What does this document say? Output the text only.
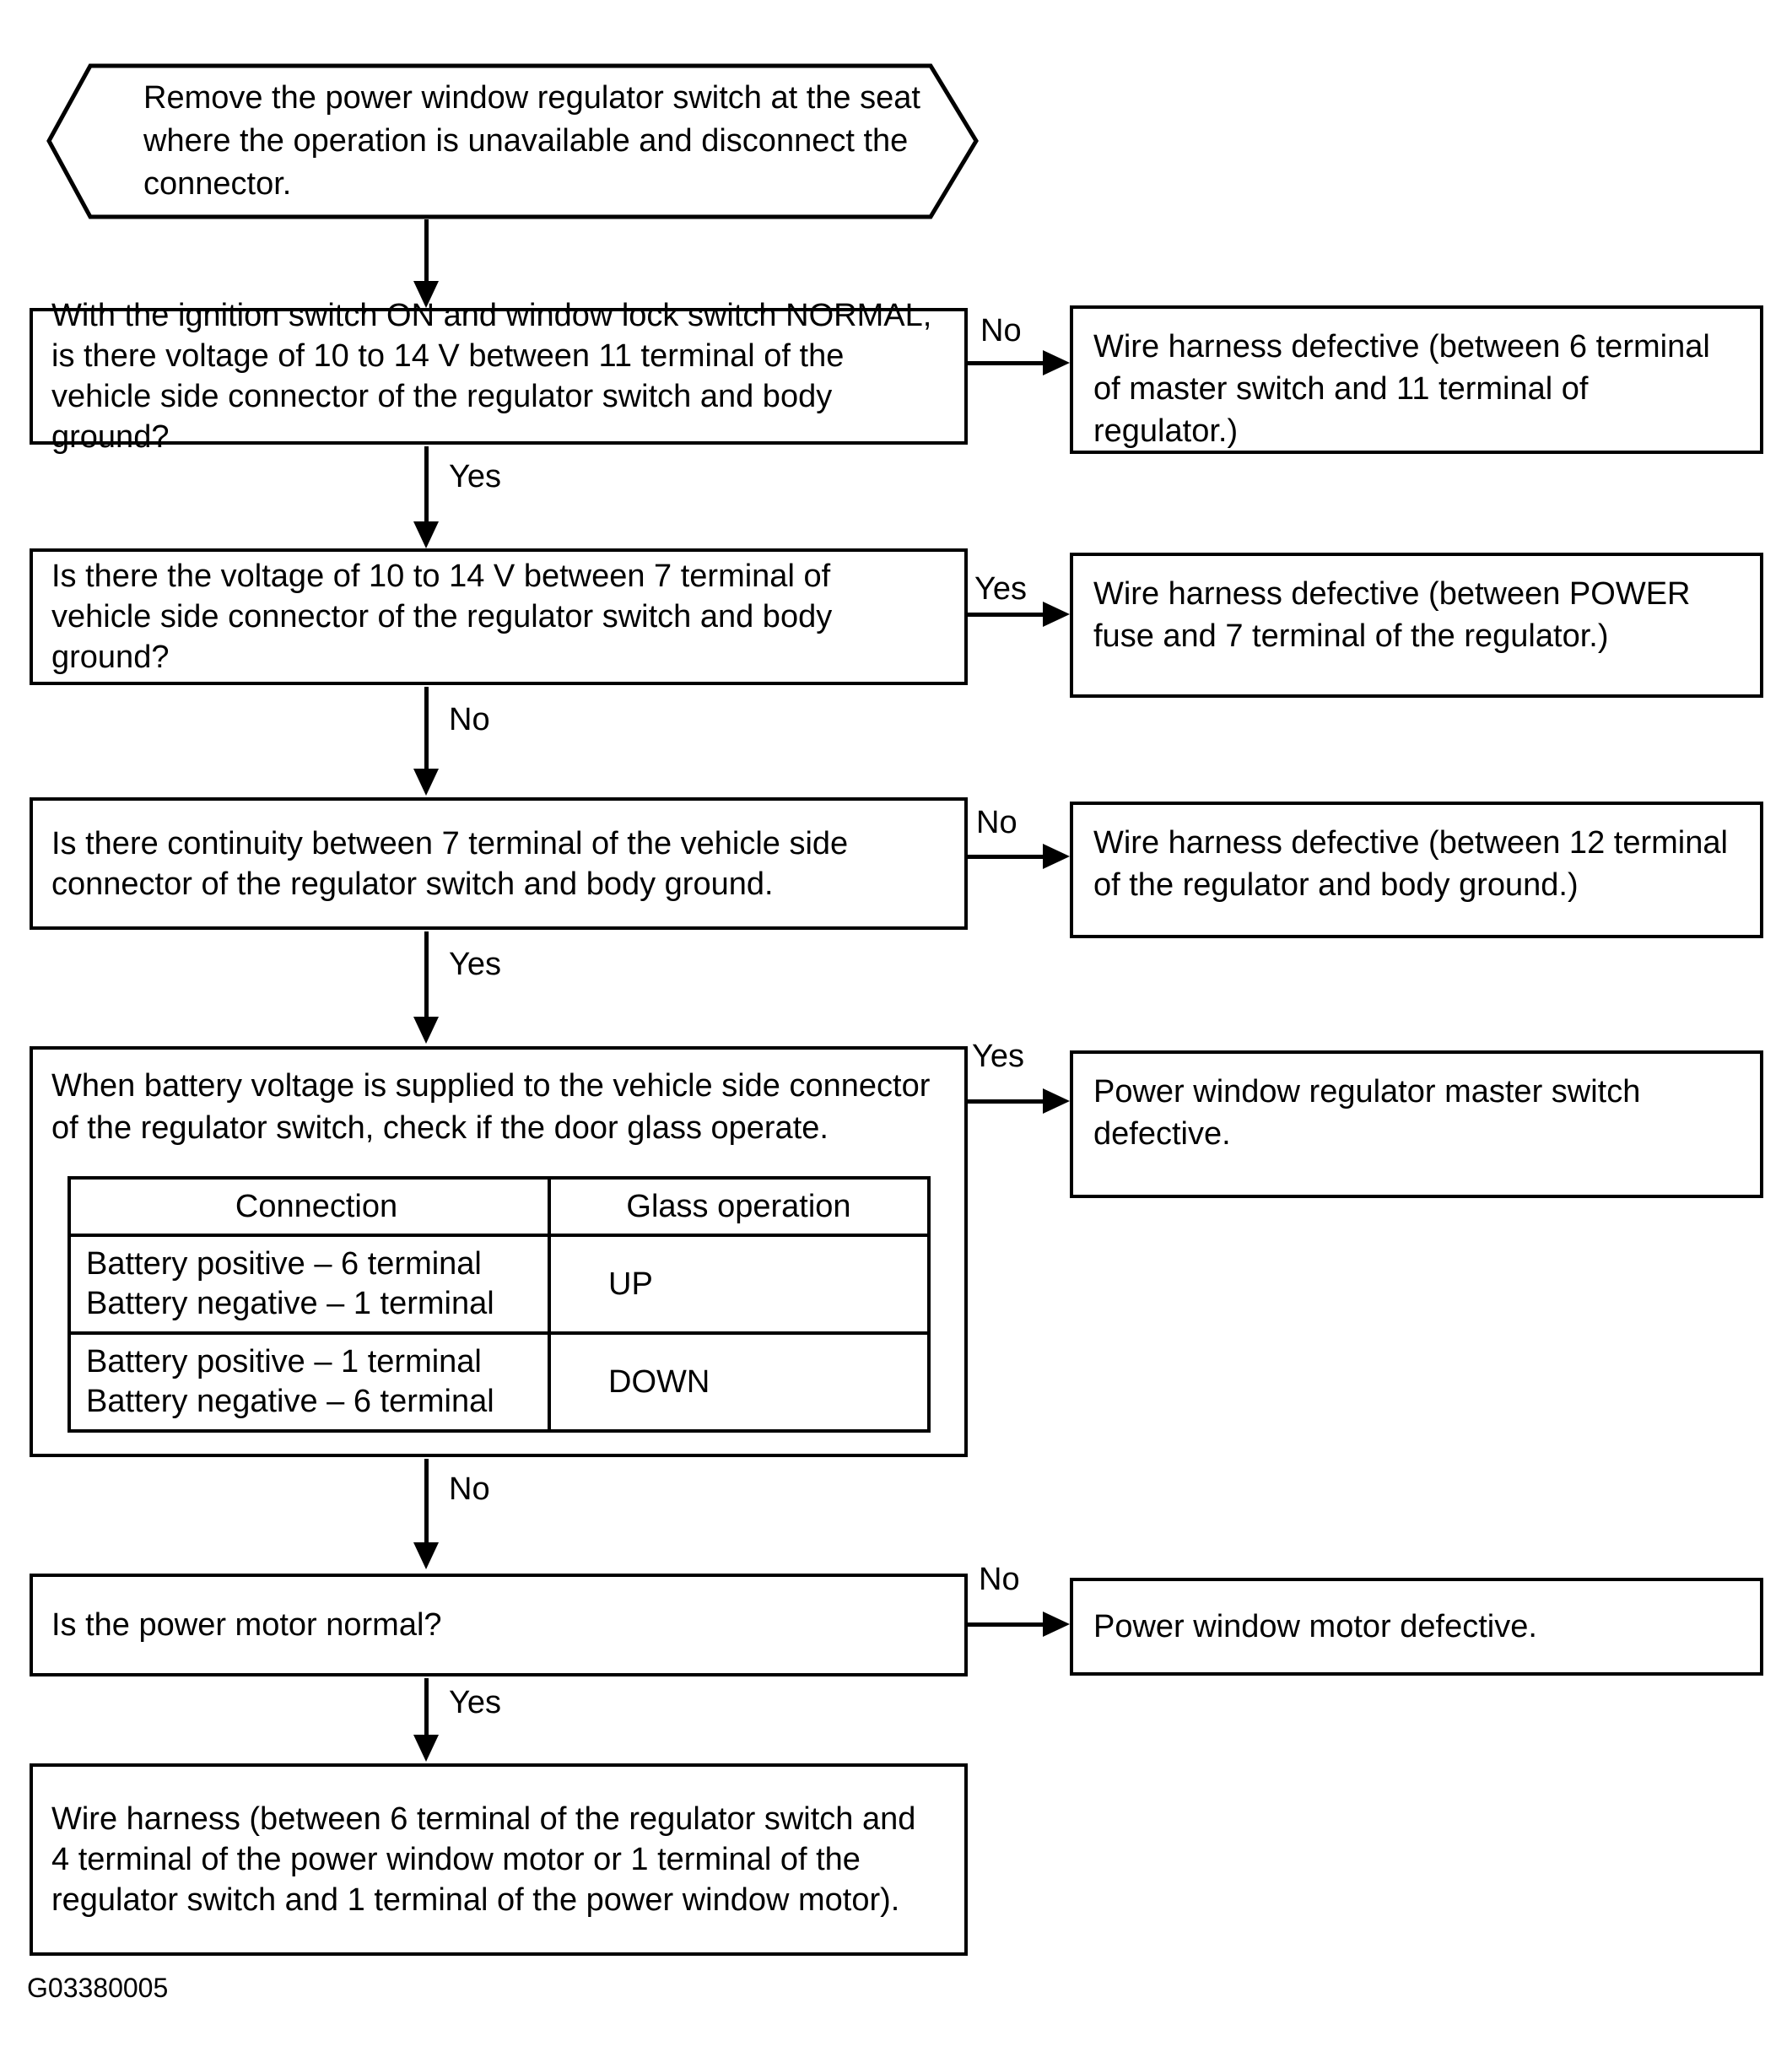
Remove the power window regulator switch at the seat where the operation is unavailable and disconnect the connector.
With the ignition switch ON and window lock switch NORMAL, is there voltage of 10 to 14 V between 11 terminal of the vehicle side connector of the regulator switch and body ground?
No	Wire harness defective (between 6 terminal of master switch and 11 terminal of regulator.)
Yes
Is there the voltage of 10 to 14 V between 7 terminal of vehicle side connector of the regulator switch and body ground?
Yes	Wire harness defective (between POWER fuse and 7 terminal of the regulator.)
No
Is there continuity between 7 terminal of the vehicle side connector of the regulator switch and body ground.
No
Wire harness defective (between 12 terminal of the regulator and body ground.)
Yes
When battery voltage is supplied to the vehicle side connector of the regulator switch, check if the door glass operate.
Connection	Glass operation

Battery positive – 6 terminal
Battery negative – 1 terminal	UP

Battery positive – 1 terminal
Battery negative – 6 terminal	DOWN
Yes
Power window regulator master switch defective.
No
Is the power motor normal?
No
Power window motor defective.
Yes
Wire harness (between 6 terminal of the regulator switch and 4 terminal of the power window motor or 1 terminal of the regulator switch and 1 terminal of the power window motor).
G03380005
